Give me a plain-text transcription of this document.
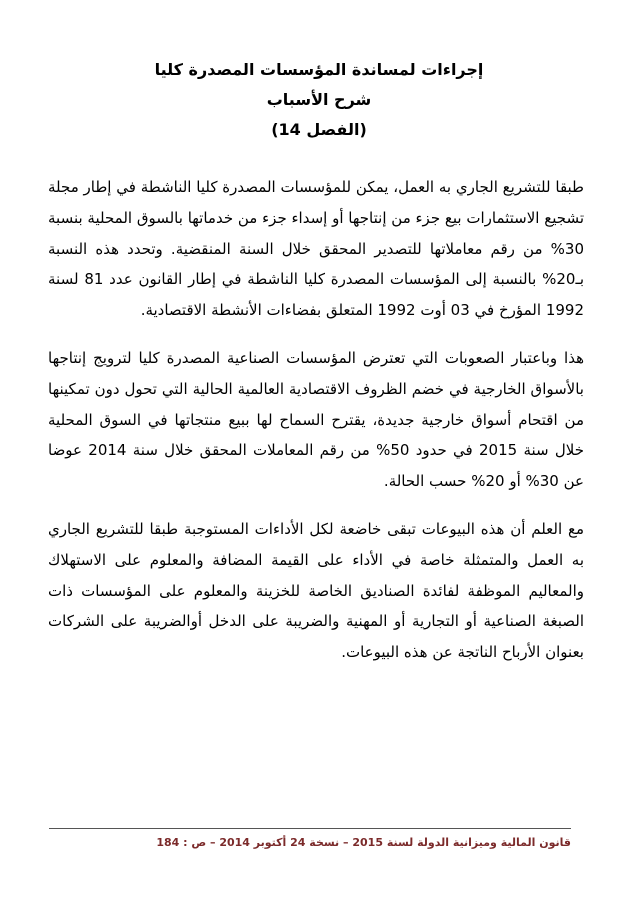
إجراءات لمساندة المؤسسات المصدرة كليا
شرح الأسباب
(الفصل 14)

طبقا للتشريع الجاري به العمل، يمكن للمؤسسات المصدرة كليا الناشطة في إطار مجلة تشجيع الاستثمارات بيع جزء من إنتاجها أو إسداء جزء من خدماتها بالسوق المحلية بنسبة 30% من رقم معاملاتها للتصدير المحقق خلال السنة المنقضية. وتحدد هذه النسبة بـ20% بالنسبة إلى المؤسسات المصدرة كليا الناشطة في إطار القانون عدد 81 لسنة 1992 المؤرخ في 03 أوت 1992 المتعلق بفضاءات الأنشطة الاقتصادية.

هذا وباعتبار الصعوبات التي تعترض المؤسسات الصناعية المصدرة كليا لترويج إنتاجها بالأسواق الخارجية في خضم الظروف الاقتصادية العالمية الحالية التي تحول دون تمكينها من اقتحام أسواق خارجية جديدة، يقترح السماح لها ببيع منتجاتها في السوق المحلية خلال سنة 2015 في حدود 50% من رقم المعاملات المحقق خلال سنة 2014 عوضا عن 30% أو 20% حسب الحالة.

مع العلم أن هذه البيوعات تبقى خاضعة لكل الأداءات المستوجبة طبقا للتشريع الجاري به العمل والمتمثلة خاصة في الأداء على القيمة المضافة والمعلوم على الاستهلاك والمعاليم الموظفة لفائدة الصناديق الخاصة للخزينة والمعلوم على المؤسسات ذات الصبغة الصناعية أو التجارية أو المهنية والضريبة على الدخل أوالضريبة على الشركات بعنوان الأرباح الناتجة عن هذه البيوعات.

قانون المالية وميزانية الدولة لسنة 2015 – نسخة 24 أكتوبر 2014 – ص : 184
